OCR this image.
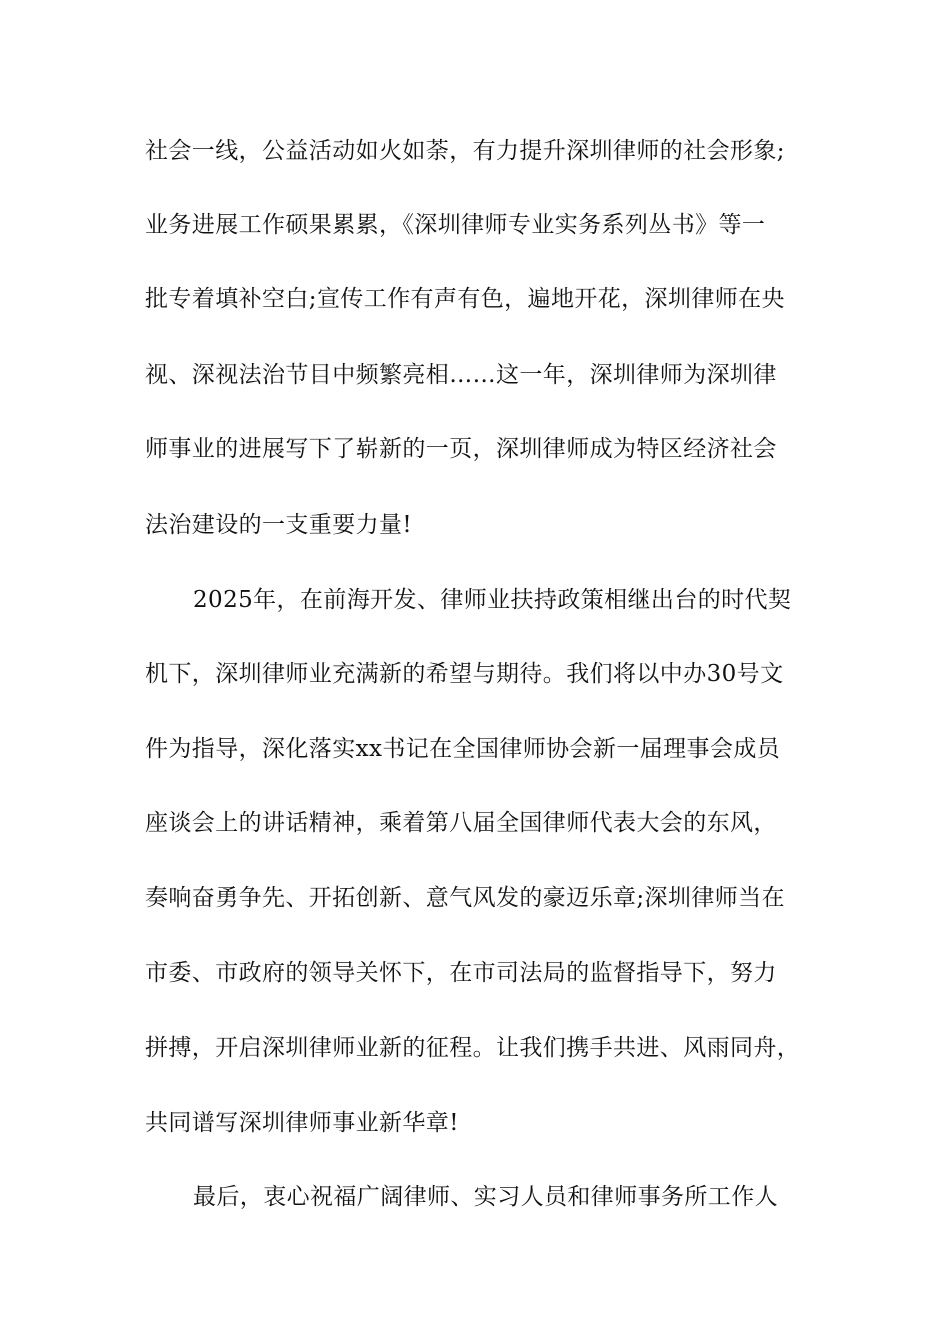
社会一线，公益活动如火如荼，有力提升深圳律师的社会形象;
业务进展工作硕果累累，《深圳律师专业实务系列丛书》等一
批专着填补空白;宣传工作有声有色，遍地开花，深圳律师在央
视、深视法治节目中频繁亮相……这一年，深圳律师为深圳律
师事业的进展写下了崭新的一页，深圳律师成为特区经济社会
法治建设的一支重要力量!
2025年，在前海开发、律师业扶持政策相继出台的时代契
机下，深圳律师业充满新的希望与期待。我们将以中办30号文
件为指导，深化落实xx书记在全国律师协会新一届理事会成员
座谈会上的讲话精神，乘着第八届全国律师代表大会的东风，
奏响奋勇争先、开拓创新、意气风发的豪迈乐章;深圳律师当在
市委、市政府的领导关怀下，在市司法局的监督指导下，努力
拼搏，开启深圳律师业新的征程。让我们携手共进、风雨同舟，
共同谱写深圳律师事业新华章!
最后，衷心祝福广阔律师、实习人员和律师事务所工作人
